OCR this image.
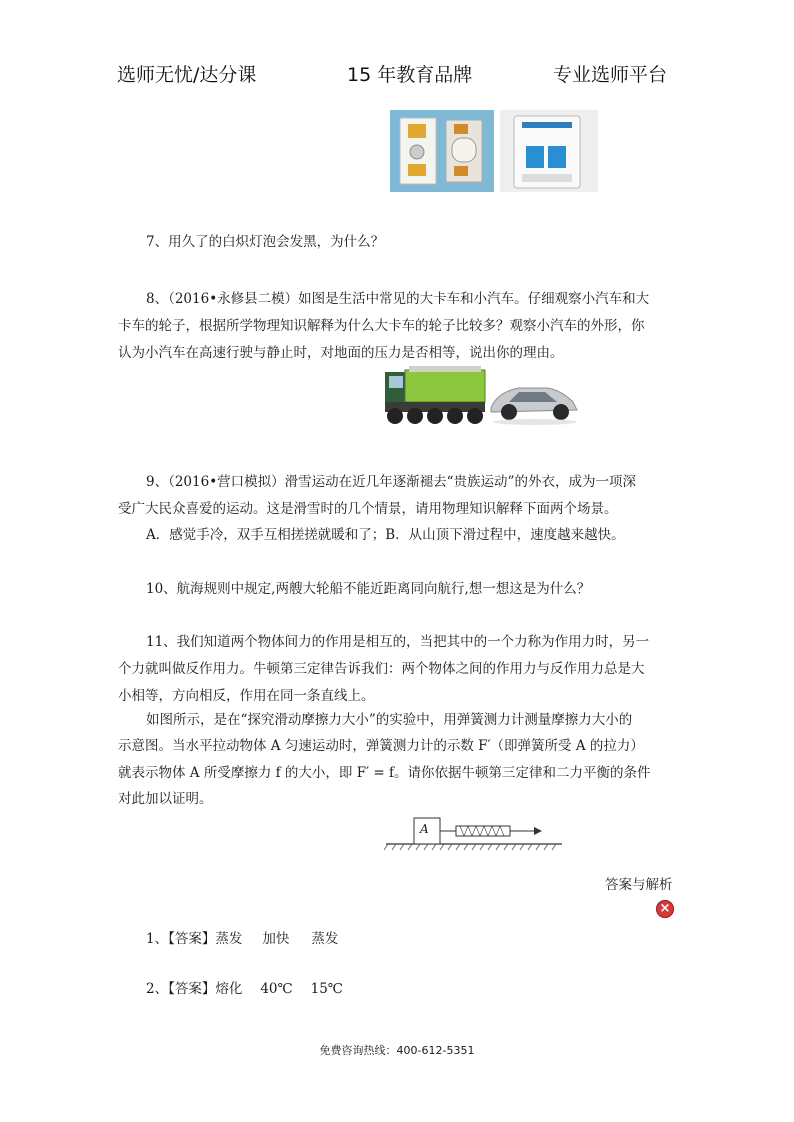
选师无忧/达分课	15 年教育品牌	专业选师平台
7、用久了的白炽灯泡会发黑，为什么？
8、（2016•永修县二模）如图是生活中常见的大卡车和小汽车。仔细观察小汽车和大
卡车的轮子，根据所学物理知识解释为什么大卡车的轮子比较多？观察小汽车的外形，你
认为小汽车在高速行驶与静止时，对地面的压力是否相等，说出你的理由。
9、（2016•营口模拟）滑雪运动在近几年逐渐褪去“贵族运动”的外衣，成为一项深
受广大民众喜爱的运动。这是滑雪时的几个情景，请用物理知识解释下面两个场景。
A．感觉手冷，双手互相搓搓就暖和了；B．从山顶下滑过程中，速度越来越快。
10、航海规则中规定,两艘大轮船不能近距离同向航行,想一想这是为什么？
11、我们知道两个物体间力的作用是相互的，当把其中的一个力称为作用力时，另一
个力就叫做反作用力。牛顿第三定律告诉我们：两个物体之间的作用力与反作用力总是大
小相等，方向相反，作用在同一条直线上。
如图所示，是在“探究滑动摩擦力大小”的实验中，用弹簧测力计测量摩擦力大小的
示意图。当水平拉动物体 A 匀速运动时，弹簧测力计的示数 F′（即弹簧所受 A 的拉力）
就表示物体 A 所受摩擦力 f 的大小，即 F′ = f。请你依据牛顿第三定律和二力平衡的条件
对此加以证明。
A
答案与解析
×
1、【答案】蒸发 加快 蒸发
2、【答案】熔化 40℃ 15℃
免费咨询热线：400-612-5351
